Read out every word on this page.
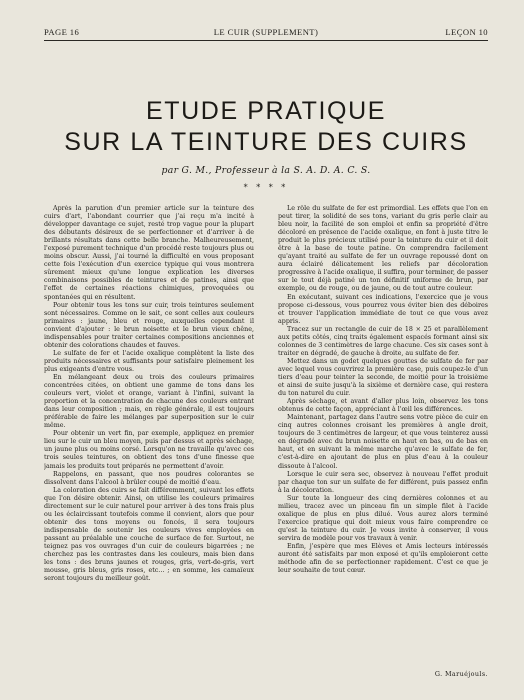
PAGE 16	LE CUIR (SUPPLEMENT)	LEÇON 10
ETUDE PRATIQUE
SUR LA TEINTURE DES CUIRS
par G. M., Professeur à la S. A. D. A. C. S.
* * * *

Après la parution d'un premier article sur la teinture des cuirs d'art, l'abondant courrier que j'ai reçu m'a incité à développer davantage ce sujet, resté trop vague pour la plupart des débutants désireux de se perfectionner et d'arriver à de brillants résultats dans cette belle branche. Malheureusement, l'exposé purement technique d'un procédé reste toujours plus ou moins obscur. Aussi, j'ai tourné la difficulté en vous proposant cette fois l'exécution d'un exercice typique qui vous montrera sûrement mieux qu'une longue explication les diverses combinaisons possibles de teintures et de patines, ainsi que l'effet de certaines réactions chimiques, provoquées ou spontanées qui en résultent.

Pour obtenir tous les tons sur cuir, trois teintures seulement sont nécessaires. Comme on le sait, ce sont celles aux couleurs primaires : jaune, bleu et rouge, auxquelles cependant il convient d'ajouter : le brun noisette et le brun vieux chêne, indispensables pour traiter certaines compositions anciennes et obtenir des colorations chaudes et fauves.

Le sulfate de fer et l'acide oxalique complètent la liste des produits nécessaires et suffisants pour satisfaire pleinement les plus exigeants d'entre vous.

En mélangeant deux ou trois des couleurs primaires concentrées citées, on obtient une gamme de tons dans les couleurs vert, violet et orange, variant à l'infini, suivant la proportion et la concentration de chacune des couleurs entrant dans leur composition ; mais, en règle générale, il est toujours préférable de faire les mélanges par superposition sur le cuir même.

Pour obtenir un vert fin, par exemple, appliquez en premier lieu sur le cuir un bleu moyen, puis par dessus et après séchage, un jaune plus ou moins corsé. Lorsqu'on ne travaille qu'avec ces trois seules teintures, on obtient des tons d'une finesse que jamais les produits tout préparés ne permettent d'avoir.

Rappelons, en passant, que nos poudres colorantes se dissolvent dans l'alcool à brûler coupé de moitié d'eau.

La coloration des cuirs se fait différemment, suivant les effets que l'on désire obtenir. Ainsi, on utilise les couleurs primaires directement sur le cuir naturel pour arriver à des tons frais plus ou les éclaircissant toutefois comme il convient, alors que pour obtenir des tons moyens ou foncés, il sera toujours indispensable de soutenir les couleurs vives employées en passant au préalable une couche de surface de fer. Surtout, ne teignez pas vos ouvrages d'un cuir de couleurs bigarrées ; ne cherchez pas les contrastes dans les couleurs, mais bien dans les tons : des bruns jaunes et rouges, gris, vert-de-gris, vert mousse, gris bleus, gris roses, etc... ; en somme, les camaïeux seront toujours du meilleur goût.

Le rôle du sulfate de fer est primordial. Les effets que l'on en peut tirer, la solidité de ses tons, variant du gris perle clair au bleu noir, la facilité de son emploi et enfin sa propriété d'être décoloré en présence de l'acide oxalique, en font à juste titre le produit le plus précieux utilisé pour la teinture du cuir et il doit être à la base de toute patine. On comprendra facilement qu'ayant traité au sulfate de fer un ouvrage repoussé dont on aura éclairé délicatement les reliefs par décoloration progressive à l'acide oxalique, il suffira, pour terminer, de passer sur le tout déjà patiné un ton définitif uniforme de brun, par exemple, ou de rouge, ou de jaune, ou de tout autre couleur.

En exécutant, suivant ces indications, l'exercice que je vous propose ci-dessous, vous pourrez vous éviter bien des déboires et trouver l'application immédiate de tout ce que vous avez appris.

Tracez sur un rectangle de cuir de 18 × 25 et parallèlement aux petits côtés, cinq traits également espacés formant ainsi six colonnes de 3 centimètres de large chacune. Ces six cases sont à traiter en dégradé, de gauche à droite, au sulfate de fer.

Mettez dans un godet quelques gouttes de sulfate de fer par avec lequel vous couvrirez la première case, puis coupez-le d'un tiers d'eau pour teinter la seconde, de moitié pour la troisième et ainsi de suite jusqu'à la sixième et dernière case, qui restera du ton naturel du cuir.

Après séchage, et avant d'aller plus loin, observez les tons obtenus de cette façon, appréciant à l'œil les différences.

Maintenant, partagez dans l'autre sens votre pièce de cuir en cinq autres colonnes croisant les premières à angle droit, toujours de 3 centimètres de largeur, et que vous teinterez aussi en dégradé avec du brun noisette en haut en bas, ou de bas en haut, et en suivant la même marche qu'avec le sulfate de fer, c'est-à-dire en ajoutant de plus en plus d'eau à la couleur dissoute à l'alcool.

Lorsque le cuir sera sec, observez à nouveau l'effet produit par chaque ton sur un sulfate de fer différent, puis passez enfin à la décoloration.

Sur toute la longueur des cinq dernières colonnes et au milieu, tracez avec un pinceau fin un simple filet à l'acide oxalique de plus en plus dilué. Vous aurez alors terminé l'exercice pratique qui doit mieux vous faire comprendre ce qu'est la teinture du cuir. Je vous invite à conserver, il vous servira de modèle pour vos travaux à venir.

Enfin, j'espère que mes Elèves et Amis lecteurs intéressés auront été satisfaits par mon exposé et qu'ils emploieront cette méthode afin de se perfectionner rapidement. C'est ce que je leur souhaite de tout cœur.

G. Maruéjouls.
